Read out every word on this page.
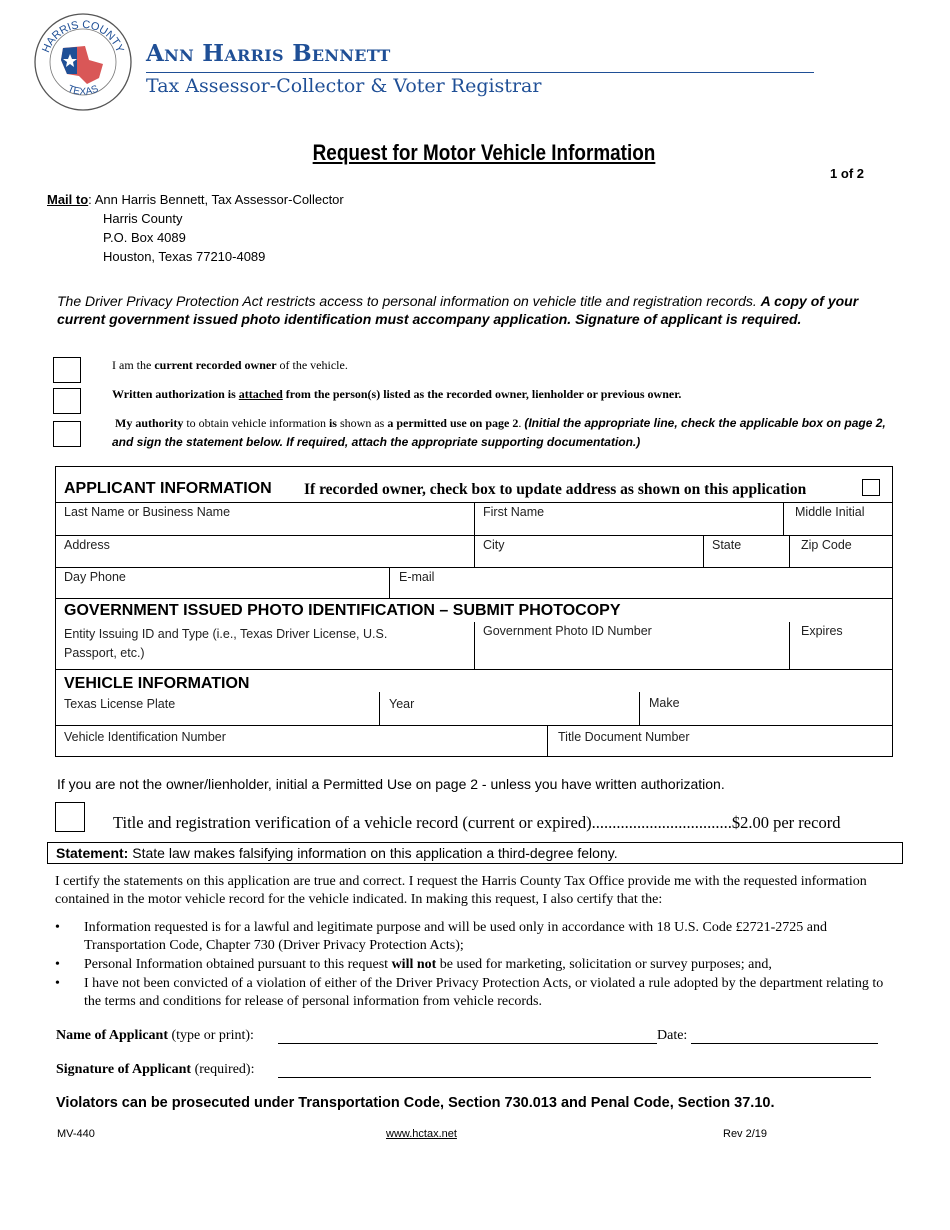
HARRIS COUNTY
TEXAS
Ann Harris Bennett
Tax Assessor-Collector & Voter Registrar
Request for Motor Vehicle Information
1 of 2
Mail to: Ann Harris Bennett, Tax Assessor-Collector
Harris County
P.O. Box 4089
Houston, Texas 77210-4089
The Driver Privacy Protection Act restricts access to personal information on vehicle title and registration records. A copy of your current government issued photo identification must accompany application. Signature of applicant is required.
I am the current recorded owner of the vehicle.
Written authorization is attached from the person(s) listed as the recorded owner, lienholder or previous owner.
My authority to obtain vehicle information is shown as a permitted use on page 2. (Initial the appropriate line, check the applicable box on page 2, and sign the statement below. If required, attach the appropriate supporting documentation.)
APPLICANT INFORMATION If recorded owner, check box to update address as shown on this application
Last Name or Business Name	First Name	Middle Initial
Address	City	State	Zip Code
Day Phone	E-mail
GOVERNMENT ISSUED PHOTO IDENTIFICATION – SUBMIT PHOTOCOPY
Entity Issuing ID and Type (i.e., Texas Driver License, U.S.
Passport, etc.)
Government Photo ID Number	Expires
VEHICLE INFORMATION
Texas License Plate	Year	Make
Vehicle Identification Number	Title Document Number
If you are not the owner/lienholder, initial a Permitted Use on page 2 - unless you have written authorization.
Title and registration verification of a vehicle record (current or expired)..................................$2.00 per record
Statement: State law makes falsifying information on this application a third-degree felony.
I certify the statements on this application are true and correct. I request the Harris County Tax Office provide me with the requested information contained in the motor vehicle record for the vehicle indicated. In making this request, I also certify that the:
• Information requested is for a lawful and legitimate purpose and will be used only in accordance with 18 U.S. Code £2721-2725 and Transportation Code, Chapter 730 (Driver Privacy Protection Acts);
• Personal Information obtained pursuant to this request will not be used for marketing, solicitation or survey purposes; and,
• I have not been convicted of a violation of either of the Driver Privacy Protection Acts, or violated a rule adopted by the department relating to the terms and conditions for release of personal information from vehicle records.
Name of Applicant (type or print):	Date:
Signature of Applicant (required):
Violators can be prosecuted under Transportation Code, Section 730.013 and Penal Code, Section 37.10.
MV-440	www.hctax.net	Rev 2/19
